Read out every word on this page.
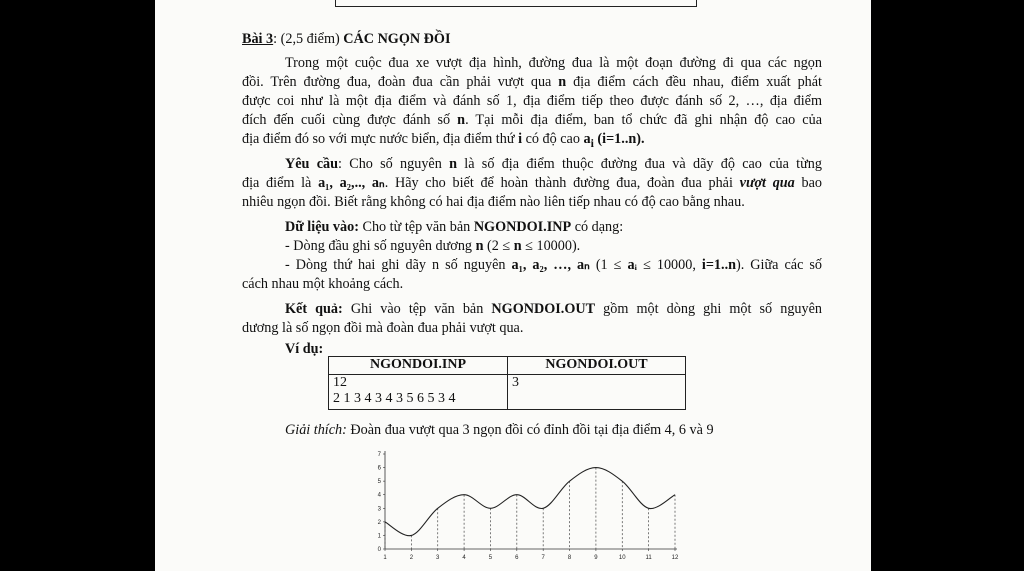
Bài 3: (2,5 điểm) CÁC NGỌN ĐỒI
Trong một cuộc đua xe vượt địa hình, đường đua là một đoạn đường đi qua các ngọn
đồi. Trên đường đua, đoàn đua cần phải vượt qua n địa điểm cách đều nhau, điểm xuất phát
được coi như là một địa điểm và đánh số 1, địa điểm tiếp theo được đánh số 2, …, địa điểm
đích đến cuối cùng được đánh số n. Tại mỗi địa điểm, ban tổ chức đã ghi nhận độ cao của
địa điểm đó so với mực nước biển, địa điểm thứ i có độ cao $a_i$ (i=1..n).
Yêu cầu: Cho số nguyên n là số địa điểm thuộc đường đua và dãy độ cao của từng
địa điểm là a₁, a₂,.., aₙ. Hãy cho biết để hoàn thành đường đua, đoàn đua phải vượt qua bao
nhiêu ngọn đồi. Biết rằng không có hai địa điểm nào liên tiếp nhau có độ cao bằng nhau.
Dữ liệu vào: Cho từ tệp văn bản NGONDOI.INP có dạng:
- Dòng đầu ghi số nguyên dương n (2 ≤ n ≤ 10000).
- Dòng thứ hai ghi dãy n số nguyên a₁, a₂, …, aₙ (1 ≤ aᵢ ≤ 10000, i=1..n). Giữa các số
cách nhau một khoảng cách.
Kết quả: Ghi vào tệp văn bản NGONDOI.OUT gồm một dòng ghi một số nguyên
dương là số ngọn đồi mà đoàn đua phải vượt qua.
Ví dụ:
NGONDOI.INP	NGONDOI.OUT

12
2 1 3 4 3 4 3 5 6 5 3 4	3
Giải thích: Đoàn đua vượt qua 3 ngọn đồi có đỉnh đồi tại địa điểm 4, 6 và 9
0
1
2
3
4
5
6
7
1	2	3	4	5	6	7	8	9	10	11	12
